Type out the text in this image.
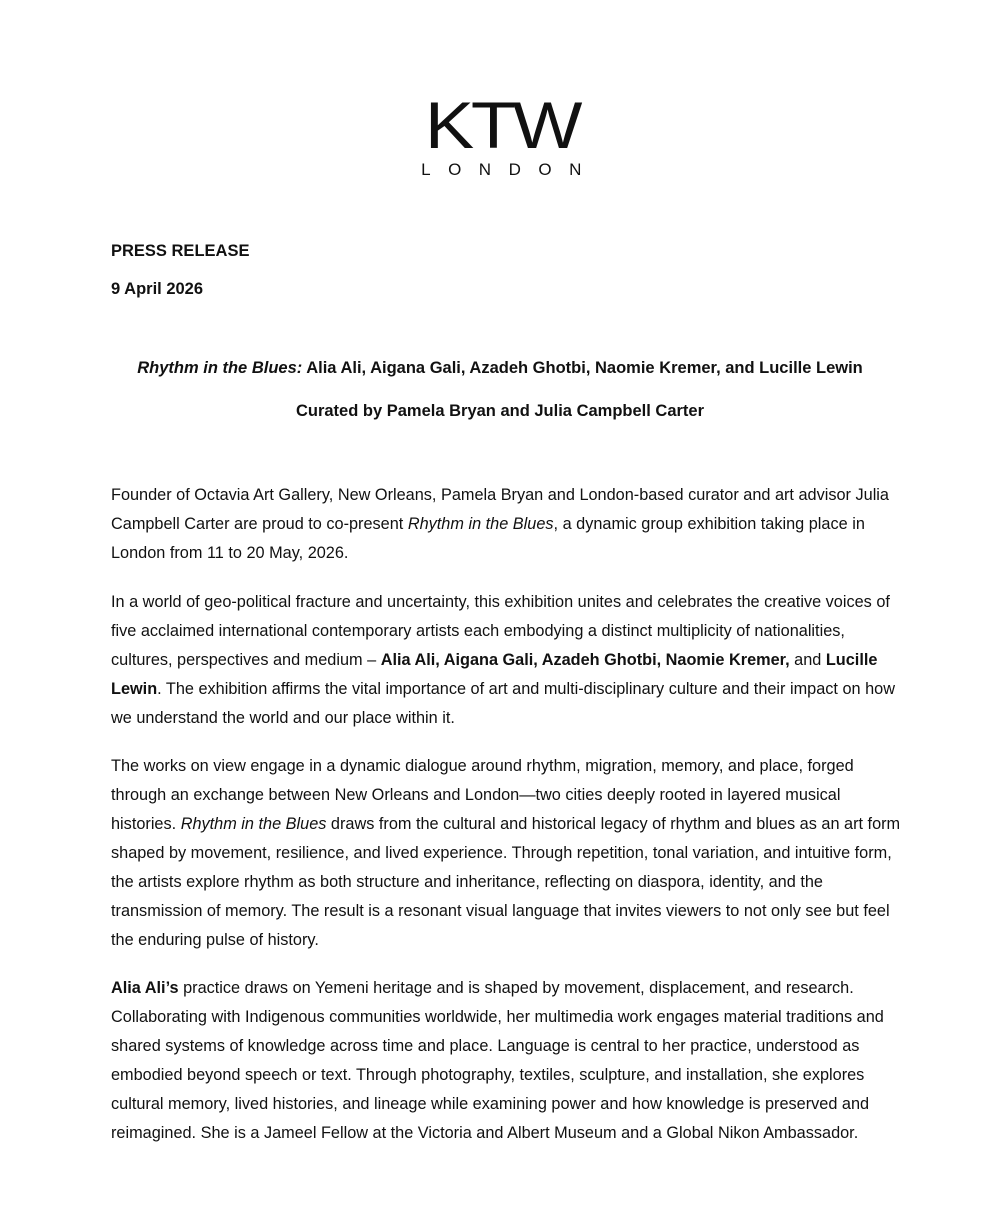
KTW
LONDON
PRESS RELEASE
9 April 2026
Rhythm in the Blues: Alia Ali, Aigana Gali, Azadeh Ghotbi, Naomie Kremer, and Lucille Lewin
Curated by Pamela Bryan and Julia Campbell Carter

Founder of Octavia Art Gallery, New Orleans, Pamela Bryan and London-based curator and art advisor Julia Campbell Carter are proud to co-present Rhythm in the Blues, a dynamic group exhibition taking place in London from 11 to 20 May, 2026.

In a world of geo-political fracture and uncertainty, this exhibition unites and celebrates the creative voices of five acclaimed international contemporary artists each embodying a distinct multiplicity of nationalities, cultures, perspectives and medium – Alia Ali, Aigana Gali, Azadeh Ghotbi, Naomie Kremer, and Lucille Lewin. The exhibition affirms the vital importance of art and multi-disciplinary culture and their impact on how we understand the world and our place within it.

The works on view engage in a dynamic dialogue around rhythm, migration, memory, and place, forged through an exchange between New Orleans and London—two cities deeply rooted in layered musical histories. Rhythm in the Blues draws from the cultural and historical legacy of rhythm and blues as an art form shaped by movement, resilience, and lived experience. Through repetition, tonal variation, and intuitive form, the artists explore rhythm as both structure and inheritance, reflecting on diaspora, identity, and the transmission of memory. The result is a resonant visual language that invites viewers to not only see but feel the enduring pulse of history.

Alia Ali’s practice draws on Yemeni heritage and is shaped by movement, displacement, and research. Collaborating with Indigenous communities worldwide, her multimedia work engages material traditions and shared systems of knowledge across time and place. Language is central to her practice, understood as embodied beyond speech or text. Through photography, textiles, sculpture, and installation, she explores cultural memory, lived histories, and lineage while examining power and how knowledge is preserved and reimagined. She is a Jameel Fellow at the Victoria and Albert Museum and a Global Nikon Ambassador.
